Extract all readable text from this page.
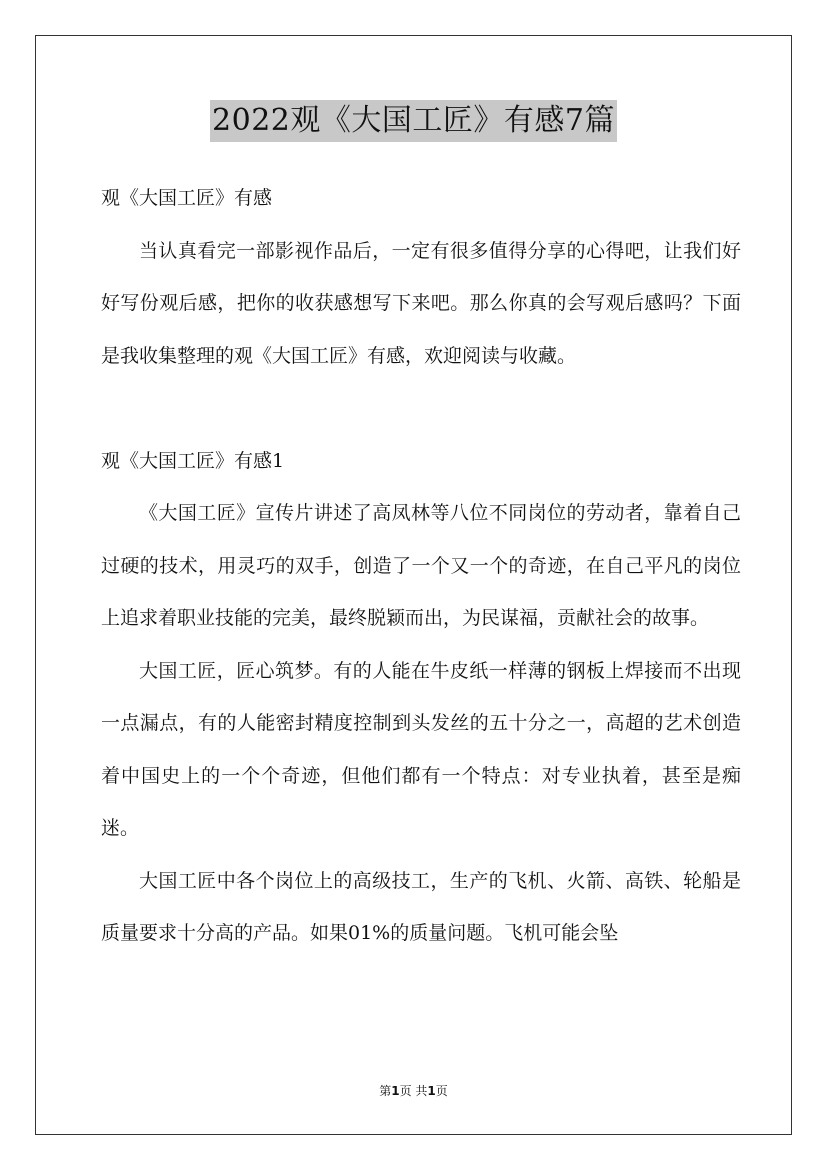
2022观《大国工匠》有感7篇

观《大国工匠》有感

当认真看完一部影视作品后，一定有很多值得分享的心得吧，让我们好好写份观后感，把你的收获感想写下来吧。那么你真的会写观后感吗？下面是我收集整理的观《大国工匠》有感，欢迎阅读与收藏。

观《大国工匠》有感1

《大国工匠》宣传片讲述了高凤林等八位不同岗位的劳动者，靠着自己过硬的技术，用灵巧的双手，创造了一个又一个的奇迹，在自己平凡的岗位上追求着职业技能的完美，最终脱颖而出，为民谋福，贡献社会的故事。

大国工匠，匠心筑梦。有的人能在牛皮纸一样薄的钢板上焊接而不出现一点漏点，有的人能密封精度控制到头发丝的五十分之一，高超的艺术创造着中国史上的一个个奇迹，但他们都有一个特点：对专业执着，甚至是痴迷。

大国工匠中各个岗位上的高级技工，生产的飞机、火箭、高铁、轮船是质量要求十分高的产品。如果01%的质量问题。飞机可能会坠

第1页 共1页
